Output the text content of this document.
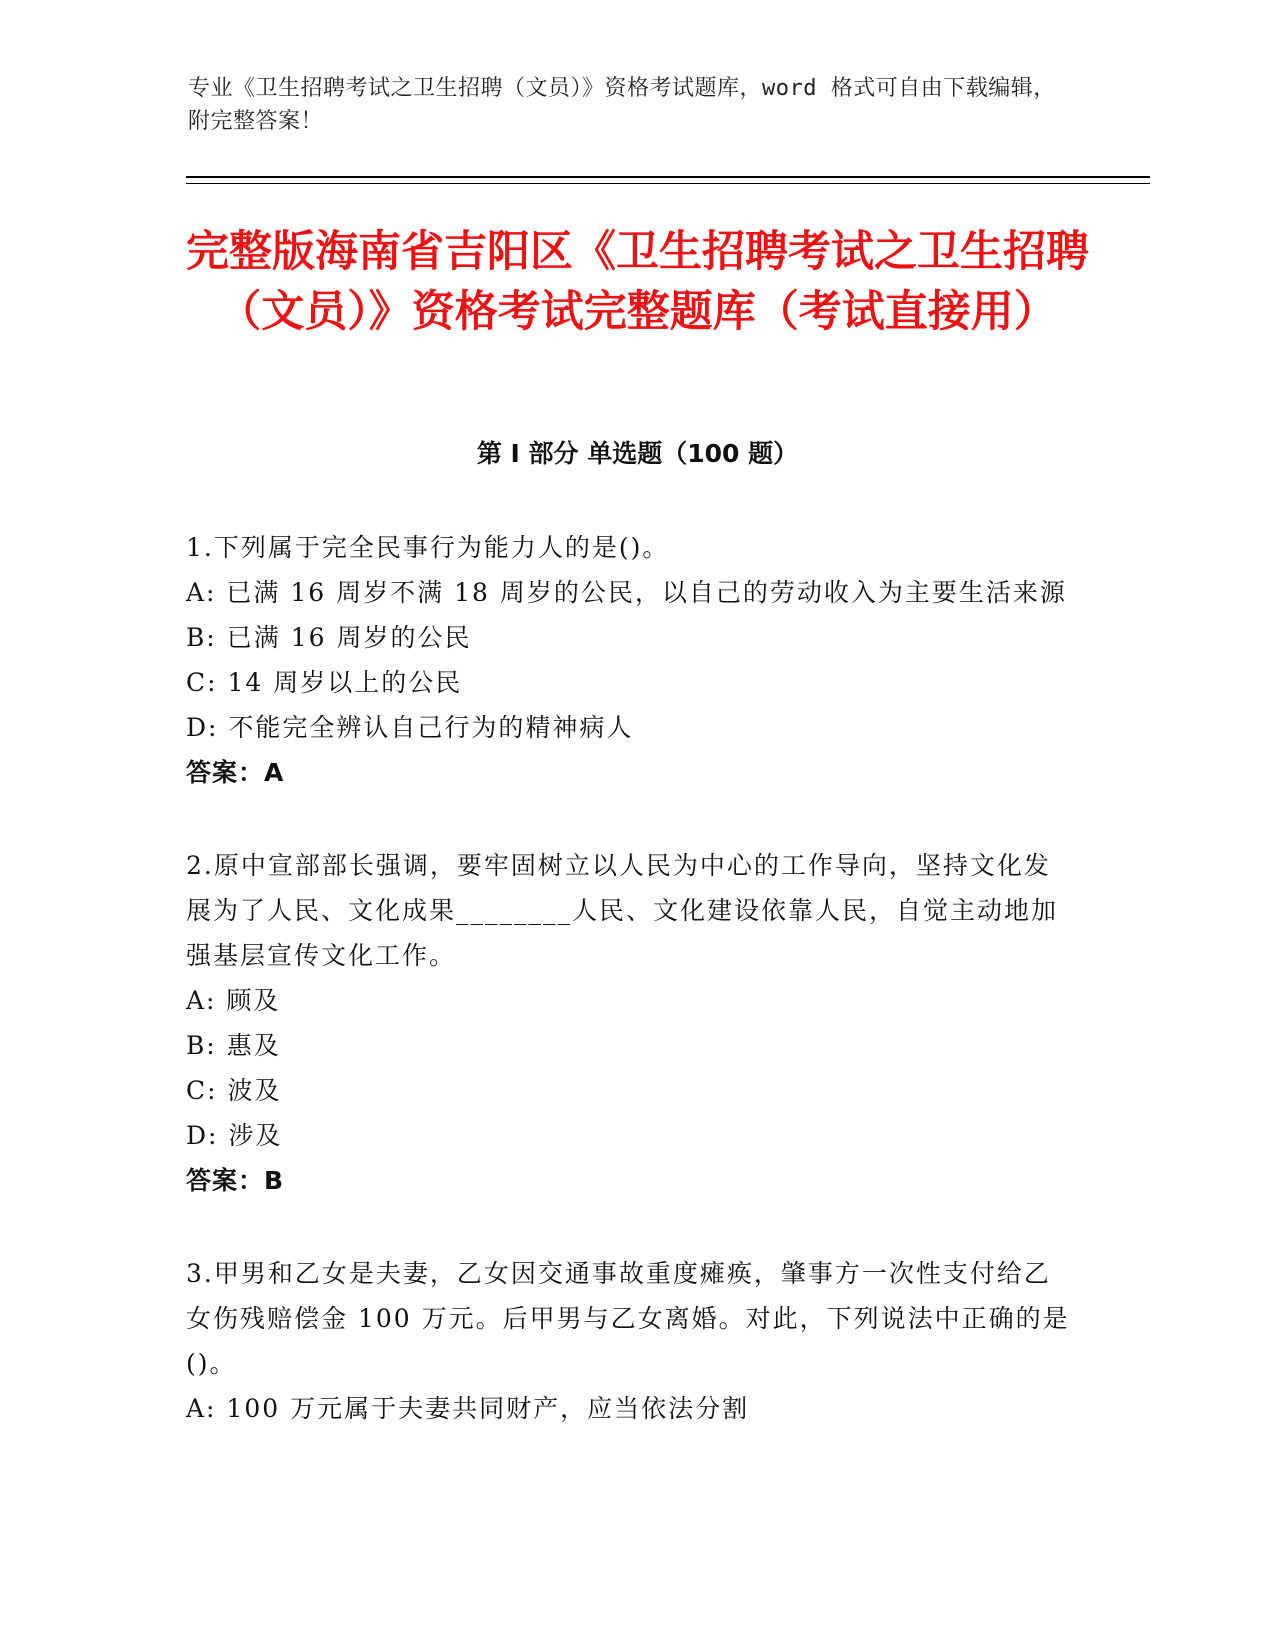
专业《卫生招聘考试之卫生招聘（文员）》资格考试题库，word 格式可自由下载编辑，附完整答案！
完整版海南省吉阳区《卫生招聘考试之卫生招聘（文员）》资格考试完整题库（考试直接用）
第 I 部分 单选题（100 题）

1.下列属于完全民事行为能力人的是()。

A: 已满 16 周岁不满 18 周岁的公民，以自己的劳动收入为主要生活来源

B: 已满 16 周岁的公民

C: 14 周岁以上的公民

D: 不能完全辨认自己行为的精神病人

答案：A

2.原中宣部部长强调，要牢固树立以人民为中心的工作导向，坚持文化发展为了人民、文化成果________人民、文化建设依靠人民，自觉主动地加强基层宣传文化工作。

A: 顾及

B: 惠及

C: 波及

D: 涉及

答案：B

3.甲男和乙女是夫妻，乙女因交通事故重度瘫痪，肇事方一次性支付给乙女伤残赔偿金 100 万元。后甲男与乙女离婚。对此，下列说法中正确的是()。

A: 100 万元属于夫妻共同财产，应当依法分割
